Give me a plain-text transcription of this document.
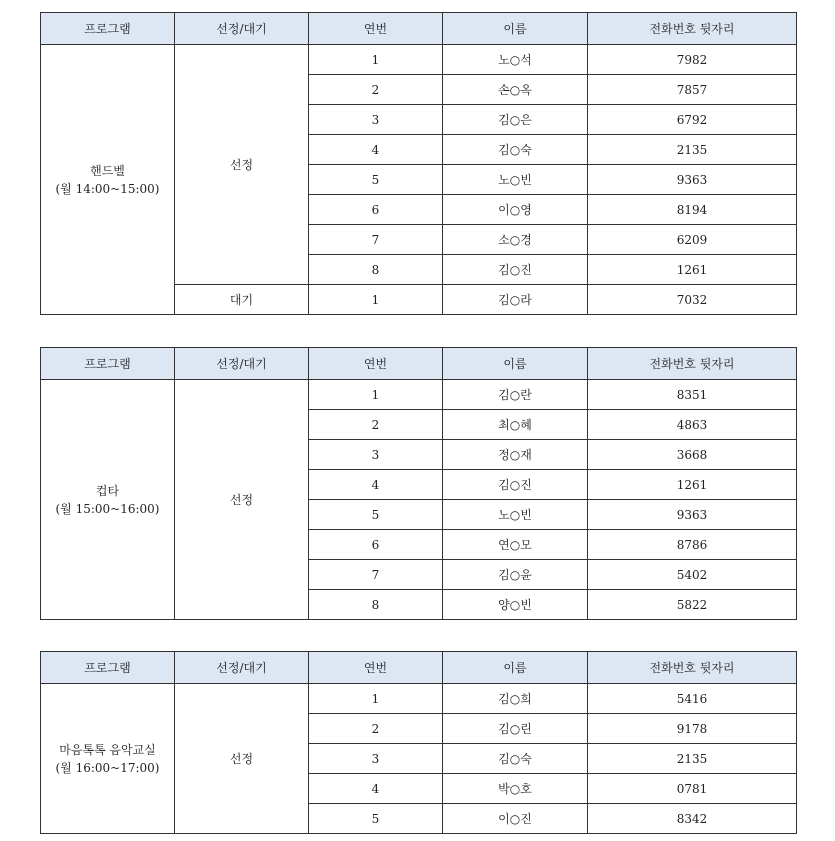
프로그램	선정/대기	연번	이름	전화번호 뒷자리

핸드벨
(월 14:00~15:00)	선정	1	노○석	7982
		2	손○옥	7857
		3	김○은	6792
		4	김○숙	2135
		5	노○빈	9363
		6	이○영	8194
		7	소○경	6209
		8	김○진	1261
	대기	1	김○라	7032
프로그램	선정/대기	연번	이름	전화번호 뒷자리

컵타
(월 15:00~16:00)	선정	1	김○란	8351
		2	최○혜	4863
		3	정○재	3668
		4	김○진	1261
		5	노○빈	9363
		6	연○모	8786
		7	김○윤	5402
		8	양○빈	5822
프로그램	선정/대기	연번	이름	전화번호 뒷자리

마음톡톡 음악교실
(월 16:00~17:00)	선정	1	김○희	5416
		2	김○린	9178
		3	김○숙	2135
		4	박○호	0781
		5	이○진	8342
